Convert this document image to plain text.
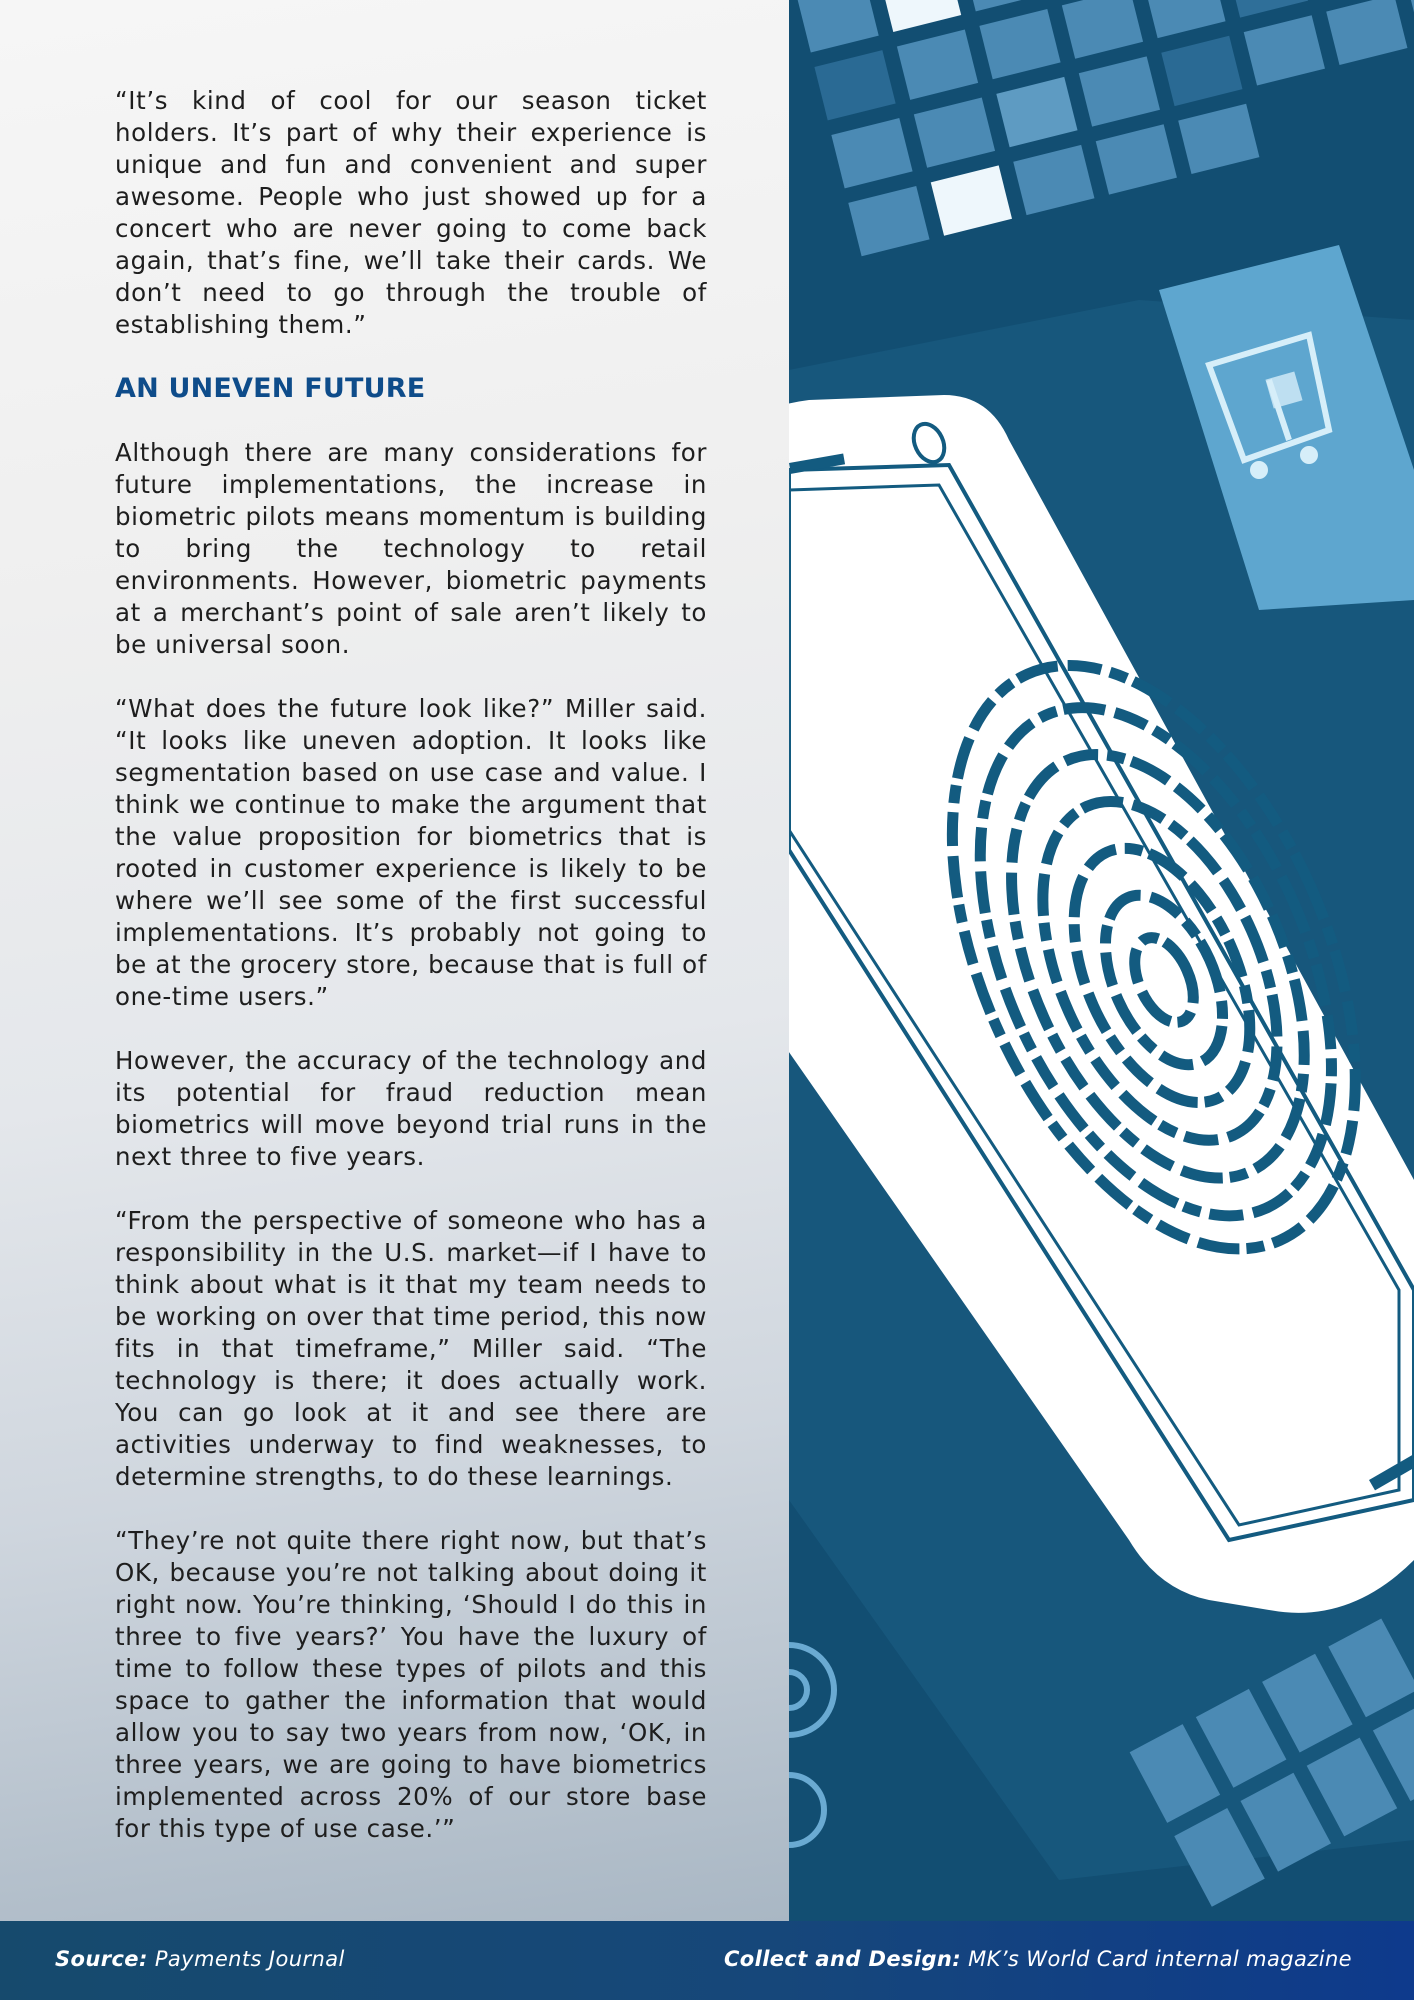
“It’s kind of cool for our season ticket holders. It’s part of why their experience is unique and fun and convenient and super awesome. People who just showed up for a concert who are never going to come back again, that’s fine, we’ll take their cards. We don’t need to go through the trouble of establishing them.”

AN UNEVEN FUTURE

Although there are many considerations for future implementations, the increase in biometric pilots means momentum is building to bring the technology to retail environments. However, biometric payments at a merchant’s point of sale aren’t likely to be universal soon.

“What does the future look like?” Miller said. “It looks like uneven adoption. It looks like segmentation based on use case and value. I think we continue to make the argument that the value proposition for biometrics that is rooted in customer experience is likely to be where we’ll see some of the first successful implementations. It’s probably not going to be at the grocery store, because that is full of one-time users.”

However, the accuracy of the technology and its potential for fraud reduction mean biometrics will move beyond trial runs in the next three to five years.

“From the perspective of someone who has a responsibility in the U.S. market—if I have to think about what is it that my team needs to be working on over that time period, this now fits in that timeframe,” Miller said. “The technology is there; it does actually work. You can go look at it and see there are activities underway to find weaknesses, to determine strengths, to do these learnings.

“They’re not quite there right now, but that’s OK, because you’re not talking about doing it right now. You’re thinking, ‘Should I do this in three to five years?’ You have the luxury of time to follow these types of pilots and this space to gather the information that would allow you to say two years from now, ‘OK, in three years, we are going to have biometrics implemented across 20% of our store base for this type of use case.’”

Source: Payments Journal	Collect and Design: MK’s World Card internal magazine
